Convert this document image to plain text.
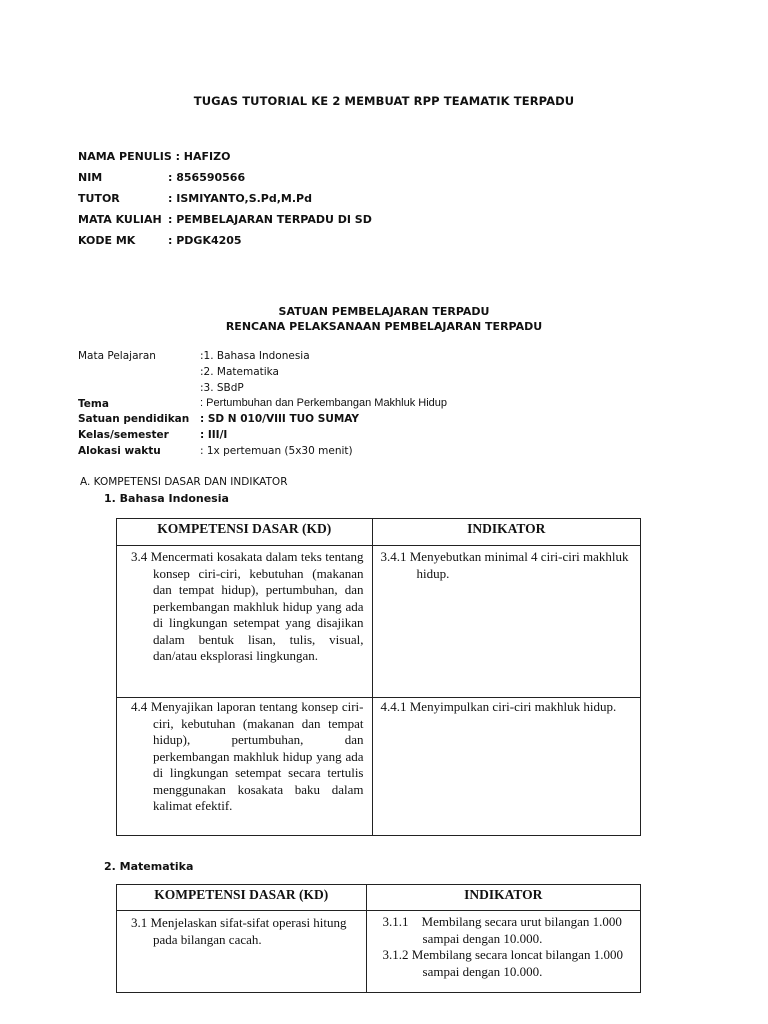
TUGAS TUTORIAL KE 2 MEMBUAT RPP TEAMATIK TERPADU
NAMA PENULIS : HAFIZO
NIM	: 856590566
TUTOR	: ISMIYANTO,S.Pd,M.Pd
MATA KULIAH : PEMBELAJARAN TERPADU DI SD
KODE MK	: PDGK4205
SATUAN PEMBELAJARAN TERPADU
RENCANA PELAKSANAAN PEMBELAJARAN TERPADU
Mata Pelajaran	:1. Bahasa Indonesia
:2. Matematika
:3. SBdP
Tema	: Pertumbuhan dan Perkembangan Makhluk Hidup
Satuan pendidikan : SD N 010/VIII TUO SUMAY
Kelas/semester	: III/I
Alokasi waktu	: 1x pertemuan (5x30 menit)
A. KOMPETENSI DASAR DAN INDIKATOR
1. Bahasa Indonesia
KOMPETENSI DASAR (KD)	INDIKATOR

3.4 Mencermati kosakata dalam teks tentang konsep ciri-ciri, kebutuhan (makanan dan tempat hidup), pertumbuhan, dan perkembangan makhluk hidup yang ada di lingkungan setempat yang disajikan dalam bentuk lisan, tulis, visual, dan/atau eksplorasi lingkungan.	3.4.1 Menyebutkan minimal 4 ciri-ciri makhluk hidup.

4.4 Menyajikan laporan tentang konsep ciri-ciri, kebutuhan (makanan dan tempat hidup), pertumbuhan, dan perkembangan makhluk hidup yang ada di lingkungan setempat secara tertulis menggunakan kosakata baku dalam kalimat efektif.	4.4.1 Menyimpulkan ciri-ciri makhluk hidup.
2. Matematika
KOMPETENSI DASAR (KD)	INDIKATOR

3.1 Menjelaskan sifat-sifat operasi hitung pada bilangan cacah.	3.1.1    Membilang secara urut bilangan 1.000 sampai dengan 10.000.
3.1.2 Membilang secara loncat bilangan 1.000 sampai dengan 10.000.
